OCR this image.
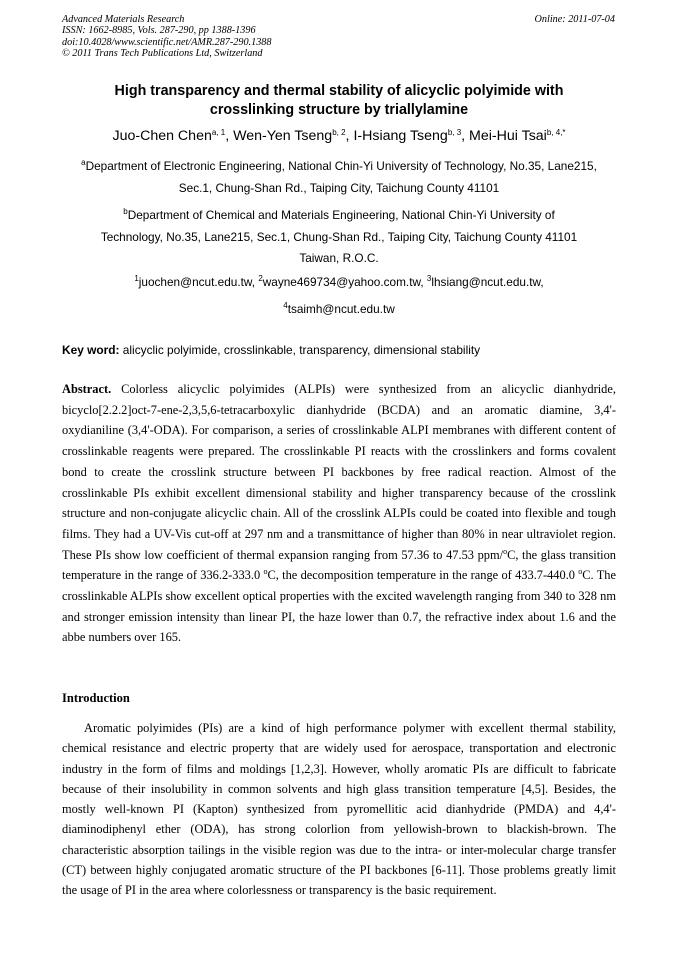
Advanced Materials Research
ISSN: 1662-8985, Vols. 287-290, pp 1388-1396
doi:10.4028/www.scientific.net/AMR.287-290.1388
© 2011 Trans Tech Publications Ltd, Switzerland
Online: 2011-07-04
High transparency and thermal stability of alicyclic polyimide with
crosslinking structure by triallylamine
Juo-Chen Chen$^{a, 1}$, Wen-Yen Tseng$^{b, 2}$, I-Hsiang Tseng$^{b, 3}$, Mei-Hui Tsai$^{b, 4,*}$
$^a$Department of Electronic Engineering, National Chin-Yi University of Technology, No.35, Lane215,
Sec.1, Chung-Shan Rd., Taiping City, Taichung County 41101
$^b$Department of Chemical and Materials Engineering, National Chin-Yi University of
Technology, No.35, Lane215, Sec.1, Chung-Shan Rd., Taiping City, Taichung County 41101
Taiwan, R.O.C.
$^1$juochen@ncut.edu.tw, $^2$wayne469734@yahoo.com.tw, $^3$lhsiang@ncut.edu.tw,
$^4$tsaimh@ncut.edu.tw
Key word: alicyclic polyimide, crosslinkable, transparency, dimensional stability
Abstract. Colorless alicyclic polyimides (ALPIs) were synthesized from an alicyclic dianhydride, bicyclo[2.2.2]oct-7-ene-2,3,5,6-tetracarboxylic dianhydride (BCDA) and an aromatic diamine, 3,4'-oxydianiline (3,4'-ODA). For comparison, a series of crosslinkable ALPI membranes with different content of crosslinkable reagents were prepared. The crosslinkable PI reacts with the crosslinkers and forms covalent bond to create the crosslink structure between PI backbones by free radical reaction. Almost of the crosslinkable PIs exhibit excellent dimensional stability and higher transparency because of the crosslink structure and non-conjugate alicyclic chain. All of the crosslink ALPIs could be coated into flexible and tough films. They had a UV-Vis cut-off at 297 nm and a transmittance of higher than 80% in near ultraviolet region. These PIs show low coefficient of thermal expansion ranging from 57.36 to 47.53 ppm/$^o$C, the glass transition temperature in the range of 336.2-333.0 $^o$C, the decomposition temperature in the range of 433.7-440.0 $^o$C. The crosslinkable ALPIs show excellent optical properties with the excited wavelength ranging from 340 to 328 nm and stronger emission intensity than linear PI, the haze lower than 0.7, the refractive index about 1.6 and the abbe numbers over 165.
Introduction
Aromatic polyimides (PIs) are a kind of high performance polymer with excellent thermal stability, chemical resistance and electric property that are widely used for aerospace, transportation and electronic industry in the form of films and moldings [1,2,3]. However, wholly aromatic PIs are difficult to fabricate because of their insolubility in common solvents and high glass transition temperature [4,5]. Besides, the mostly well-known PI (Kapton) synthesized from pyromellitic acid dianhydride (PMDA) and 4,4'-diaminodiphenyl ether (ODA), has strong colorlion from yellowish-brown to blackish-brown. The characteristic absorption tailings in the visible region was due to the intra- or inter-molecular charge transfer (CT) between highly conjugated aromatic structure of the PI backbones [6-11]. Those problems greatly limit the usage of PI in the area where colorlessness or transparency is the basic requirement.
